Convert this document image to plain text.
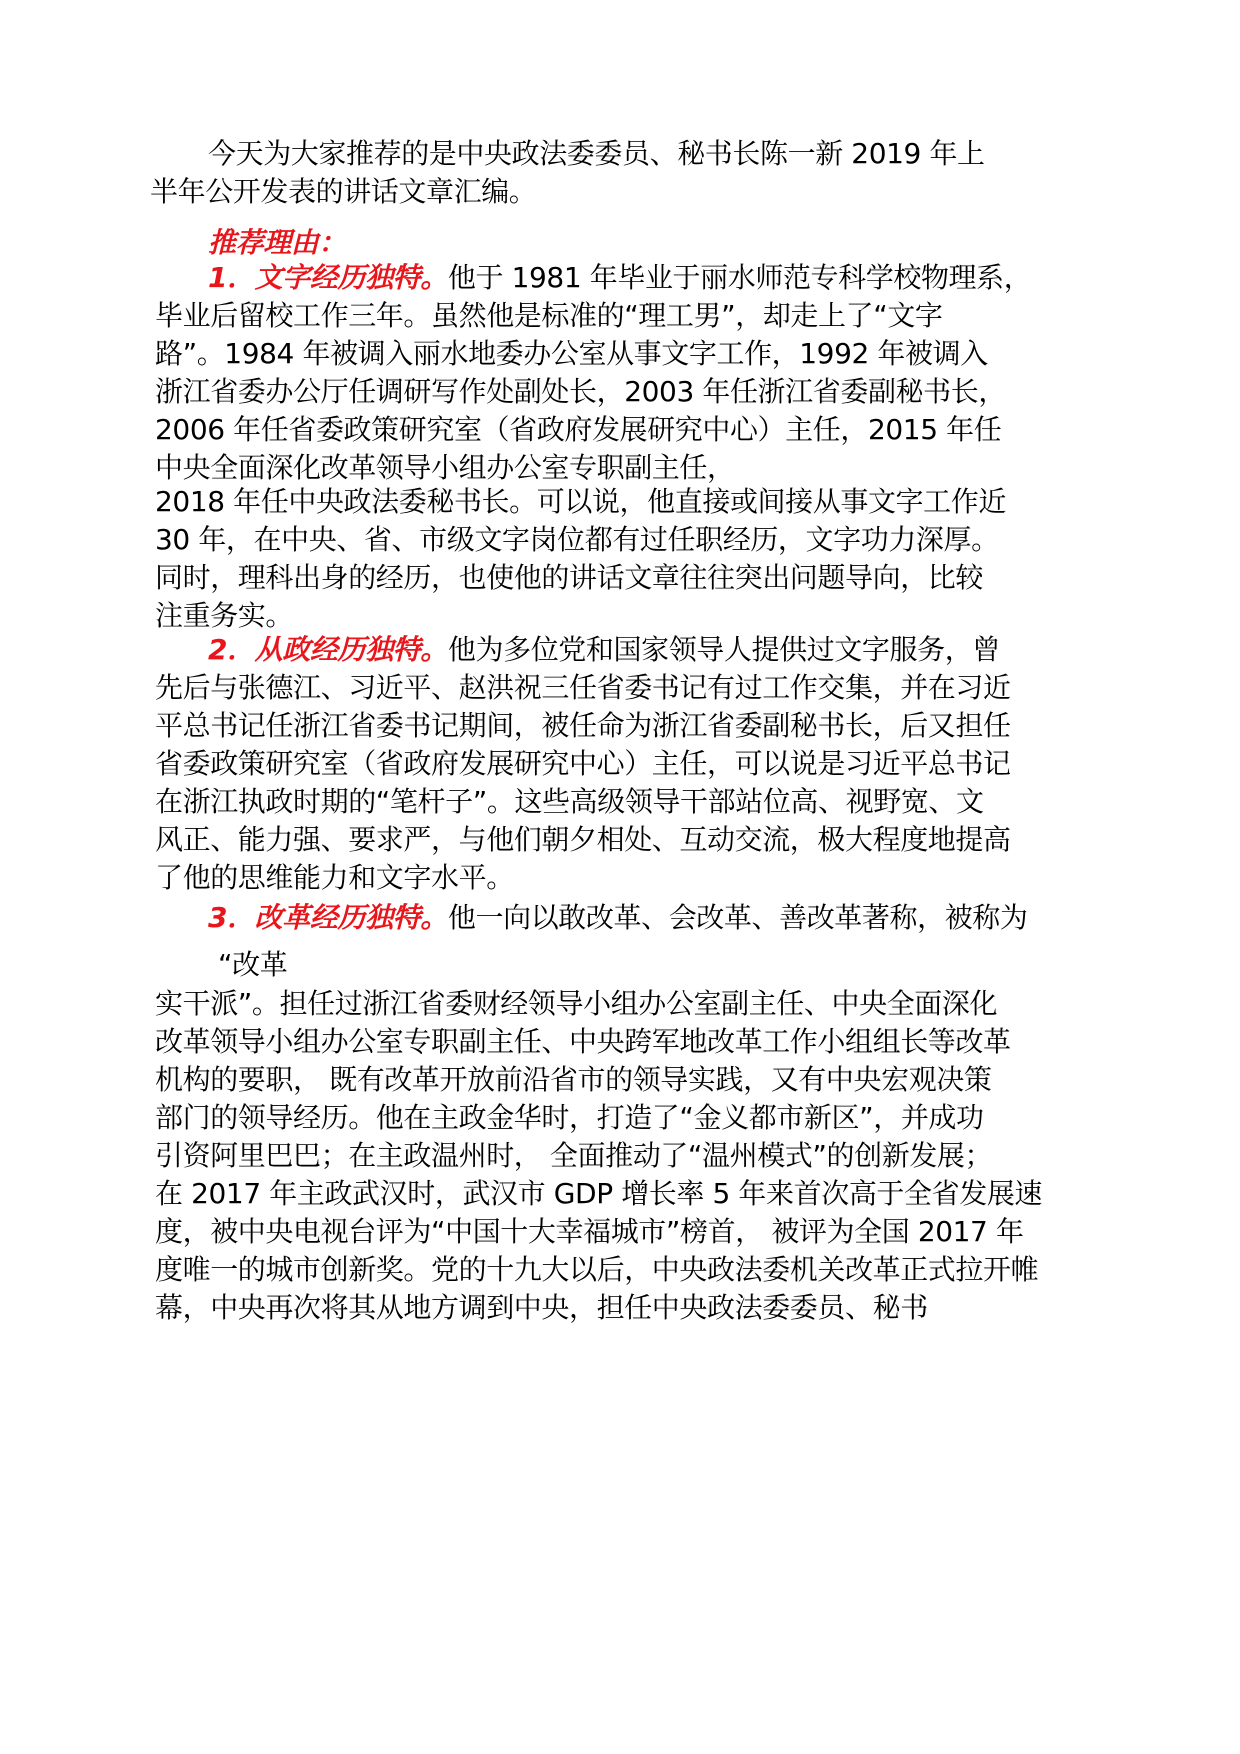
今天为大家推荐的是中央政法委委员、秘书长陈一新 2019 年上
半年公开发表的讲话文章汇编。
推荐理由：
1．文字经历独特。他于 1981 年毕业于丽水师范专科学校物理系，
毕业后留校工作三年。虽然他是标准的“理工男”，却走上了“文字
路”。1984 年被调入丽水地委办公室从事文字工作，1992 年被调入
浙江省委办公厅任调研写作处副处长，2003 年任浙江省委副秘书长，
2006 年任省委政策研究室（省政府发展研究中心）主任，2015 年任
中央全面深化改革领导小组办公室专职副主任，
2018 年任中央政法委秘书长。可以说，他直接或间接从事文字工作近
30 年，在中央、省、市级文字岗位都有过任职经历，文字功力深厚。
同时，理科出身的经历，也使他的讲话文章往往突出问题导向，比较
注重务实。
2．从政经历独特。他为多位党和国家领导人提供过文字服务，曾
先后与张德江、习近平、赵洪祝三任省委书记有过工作交集，并在习近
平总书记任浙江省委书记期间，被任命为浙江省委副秘书长，后又担任
省委政策研究室（省政府发展研究中心）主任，可以说是习近平总书记
在浙江执政时期的“笔杆子”。这些高级领导干部站位高、视野宽、文
风正、能力强、要求严，与他们朝夕相处、互动交流，极大程度地提高
了他的思维能力和文字水平。
3．改革经历独特。他一向以敢改革、会改革、善改革著称，被称为
“改革
实干派”。担任过浙江省委财经领导小组办公室副主任、中央全面深化
改革领导小组办公室专职副主任、中央跨军地改革工作小组组长等改革
机构的要职， 既有改革开放前沿省市的领导实践，又有中央宏观决策
部门的领导经历。他在主政金华时，打造了“金义都市新区”，并成功
引资阿里巴巴；在主政温州时， 全面推动了“温州模式”的创新发展；
在 2017 年主政武汉时，武汉市 GDP 增长率 5 年来首次高于全省发展速
度，被中央电视台评为“中国十大幸福城市”榜首， 被评为全国 2017 年
度唯一的城市创新奖。党的十九大以后，中央政法委机关改革正式拉开帷
幕，中央再次将其从地方调到中央，担任中央政法委委员、秘书
